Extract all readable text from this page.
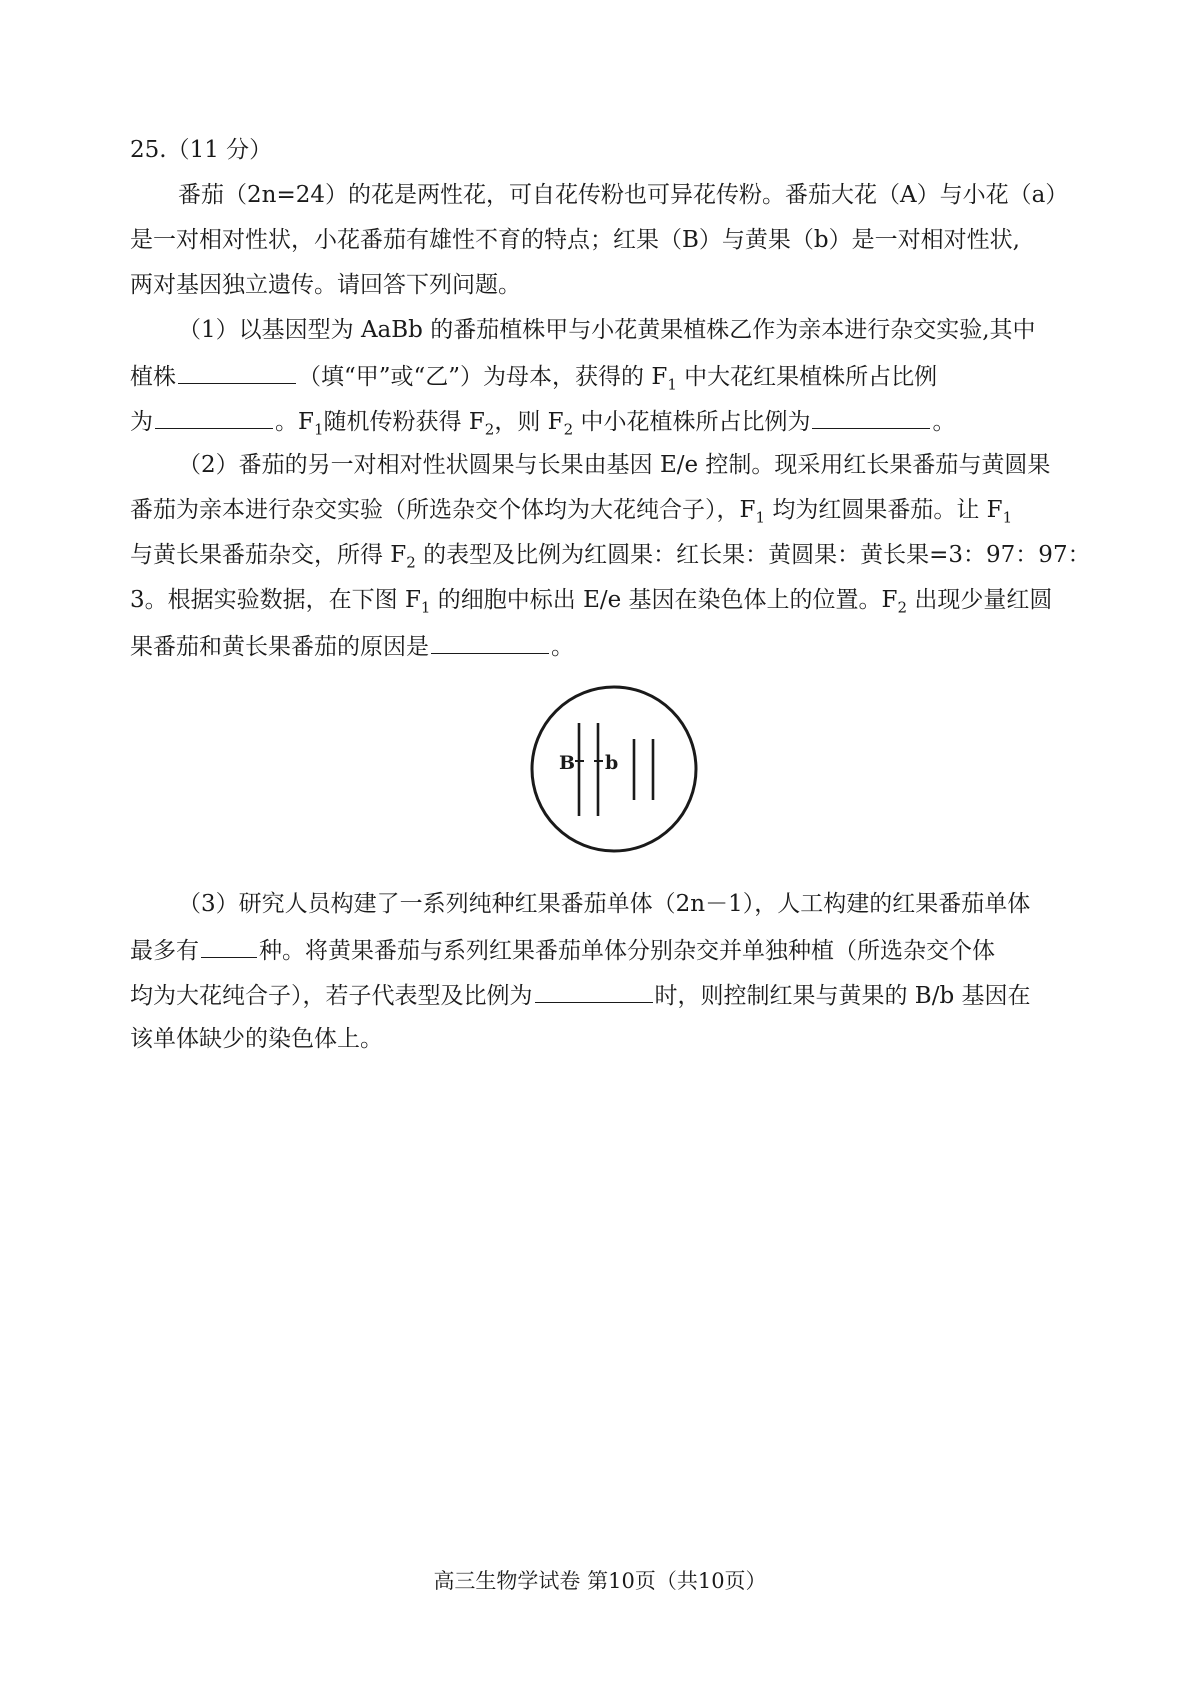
25.（11 分）
番茄（2n=24）的花是两性花，可自花传粉也可异花传粉。番茄大花（A）与小花（a）
是一对相对性状，小花番茄有雄性不育的特点；红果（B）与黄果（b）是一对相对性状,
两对基因独立遗传。请回答下列问题。
（1）以基因型为 AaBb 的番茄植株甲与小花黄果植株乙作为亲本进行杂交实验,其中
植株	（填“甲”或“乙”）为母本，获得的 $F_1$ 中大花红果植株所占比例
为	。$F_1$随机传粉获得 $F_2$，则 $F_2$ 中小花植株所占比例为	。
（2）番茄的另一对相对性状圆果与长果由基因 E/e 控制。现采用红长果番茄与黄圆果
番茄为亲本进行杂交实验（所选杂交个体均为大花纯合子），$F_1$ 均为红圆果番茄。让 $F_1$
与黄长果番茄杂交，所得 $F_2$ 的表型及比例为红圆果：红长果：黄圆果：黄长果=3：97：97：
3。根据实验数据，在下图 $F_1$ 的细胞中标出 E/e 基因在染色体上的位置。$F_2$ 出现少量红圆
果番茄和黄长果番茄的原因是	。
B b
（3）研究人员构建了一系列纯种红果番茄单体（2n－1），人工构建的红果番茄单体
最多有	种。将黄果番茄与系列红果番茄单体分别杂交并单独种植（所选杂交个体
均为大花纯合子），若子代表型及比例为	时，则控制红果与黄果的 B/b 基因在
该单体缺少的染色体上。
高三生物学试卷 第10页（共10页）
